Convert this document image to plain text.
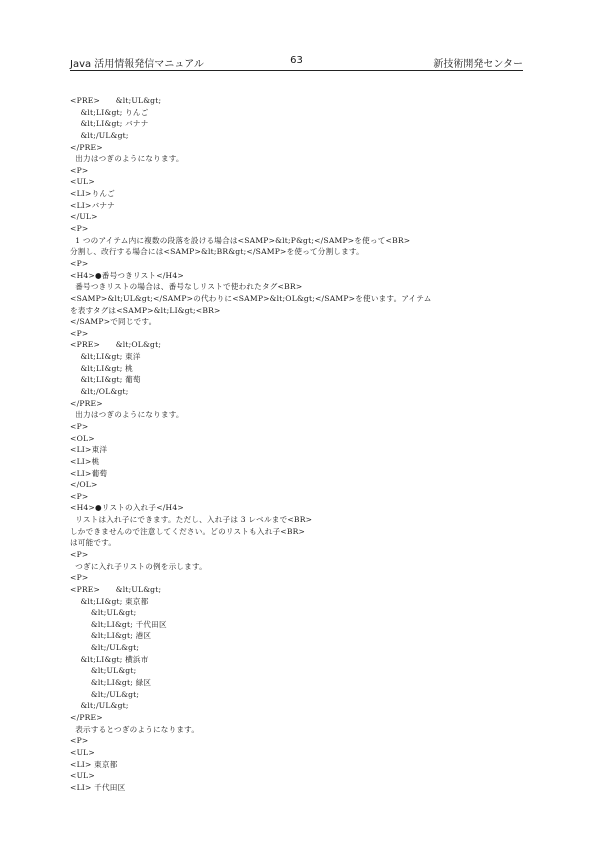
Java 活用情報発信マニュアル	63	新技術開発センター
<PRE>      &lt;UL&gt;
&lt;LI&gt; りんご
&lt;LI&gt; バナナ
&lt;/UL&gt;
</PRE>
出力はつぎのようになります。
<P>
<UL>
<LI>りんご
<LI>バナナ
</UL>
<P>
1 つのアイテム内に複数の段落を設ける場合は<SAMP>&lt;P&gt;</SAMP>を使って<BR>
分割し、改行する場合には<SAMP>&lt;BR&gt;</SAMP>を使って分割します。
<P>
<H4>●番号つきリスト</H4>
番号つきリストの場合は、番号なしリストで使われたタグ<BR>
<SAMP>&lt;UL&gt;</SAMP>の代わりに<SAMP>&lt;OL&gt;</SAMP>を使います。アイテム
を表すタグは<SAMP>&lt;LI&gt;<BR>
</SAMP>で同じです。
<P>
<PRE>      &lt;OL&gt;
&lt;LI&gt; 東洋
&lt;LI&gt; 桃
&lt;LI&gt; 葡萄
&lt;/OL&gt;
</PRE>
出力はつぎのようになります。
<P>
<OL>
<LI>東洋
<LI>桃
<LI>葡萄
</OL>
<P>
<H4>●リストの入れ子</H4>
リストは入れ子にできます。ただし、入れ子は 3 レベルまで<BR>
しかできませんので注意してください。どのリストも入れ子<BR>
は可能です。
<P>
つぎに入れ子リストの例を示します。
<P>
<PRE>      &lt;UL&gt;
&lt;LI&gt; 東京都
&lt;UL&gt;
&lt;LI&gt; 千代田区
&lt;LI&gt; 港区
&lt;/UL&gt;
&lt;LI&gt; 横浜市
&lt;UL&gt;
&lt;LI&gt; 緑区
&lt;/UL&gt;
&lt;/UL&gt;
</PRE>
表示するとつぎのようになります。
<P>
<UL>
<LI> 東京都
<UL>
<LI> 千代田区
